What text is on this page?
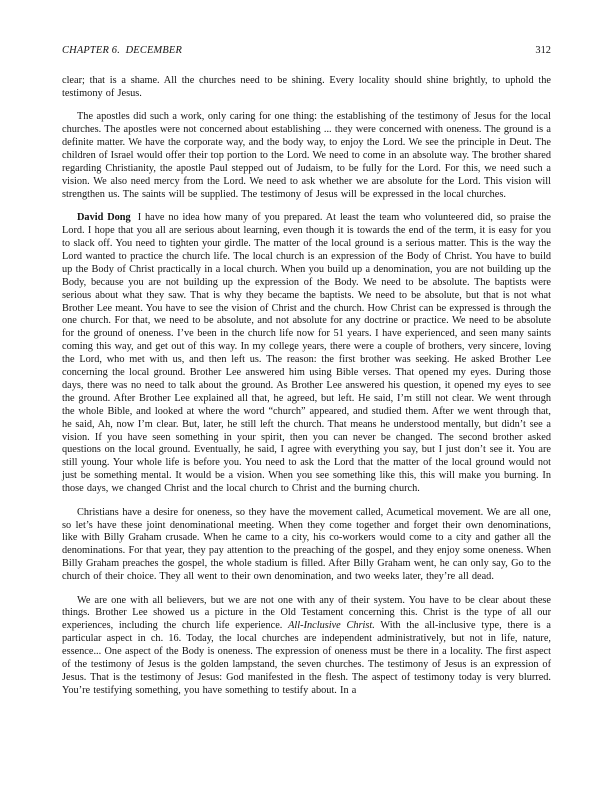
CHAPTER 6.  DECEMBER	312

clear; that is a shame. All the churches need to be shining. Every locality should shine brightly, to uphold the testimony of Jesus.

The apostles did such a work, only caring for one thing: the establishing of the testimony of Jesus for the local churches. The apostles were not concerned about establishing ... they were concerned with oneness. The ground is a definite matter. We have the corporate way, and the body way, to enjoy the Lord. We see the principle in Deut. The children of Israel would offer their top portion to the Lord. We need to come in an absolute way. The brother shared regarding Christianity, the apostle Paul stepped out of Judaism, to be fully for the Lord. For this, we need such a vision. We also need mercy from the Lord. We need to ask whether we are absolute for the Lord. This vision will strengthen us. The saints will be supplied. The testimony of Jesus will be expressed in the local churches.

David Dong I have no idea how many of you prepared. At least the team who volunteered did, so praise the Lord. I hope that you all are serious about learning, even though it is towards the end of the term, it is easy for you to slack off. You need to tighten your girdle. The matter of the local ground is a serious matter. This is the way the Lord wanted to practice the church life. The local church is an expression of the Body of Christ. You have to build up the Body of Christ practically in a local church. When you build up a denomination, you are not building up the Body, because you are not building up the expression of the Body. We need to be absolute. The baptists were serious about what they saw. That is why they became the baptists. We need to be absolute, but that is not what Brother Lee meant. You have to see the vision of Christ and the church. How Christ can be expressed is through the one church. For that, we need to be absolute, and not absolute for any doctrine or practice. We need to be absolute for the ground of oneness. I’ve been in the church life now for 51 years. I have experienced, and seen many saints coming this way, and get out of this way. In my college years, there were a couple of brothers, very sincere, loving the Lord, who met with us, and then left us. The reason: the first brother was seeking. He asked Brother Lee concerning the local ground. Brother Lee answered him using Bible verses. That opened my eyes. During those days, there was no need to talk about the ground. As Brother Lee answered his question, it opened my eyes to see the ground. After Brother Lee explained all that, he agreed, but left. He said, I’m still not clear. We went through the whole Bible, and looked at where the word “church” appeared, and studied them. After we went through that, he said, Ah, now I’m clear. But, later, he still left the church. That means he understood mentally, but didn’t see a vision. If you have seen something in your spirit, then you can never be changed. The second brother asked questions on the local ground. Eventually, he said, I agree with everything you say, but I just don’t see it. You are still young. Your whole life is before you. You need to ask the Lord that the matter of the local ground would not just be something mental. It would be a vision. When you see something like this, this will make you burning. In those days, we changed Christ and the local church to Christ and the burning church.

Christians have a desire for oneness, so they have the movement called, Acumetical movement. We are all one, so let’s have these joint denominational meeting. When they come together and forget their own denominations, like with Billy Graham crusade. When he came to a city, his co-workers would come to a city and gather all the denominations. For that year, they pay attention to the preaching of the gospel, and they enjoy some oneness. When Billy Graham preaches the gospel, the whole stadium is filled. After Billy Graham went, he can only say, Go to the church of their choice. They all went to their own denomination, and two weeks later, they’re all dead.

We are one with all believers, but we are not one with any of their system. You have to be clear about these things. Brother Lee showed us a picture in the Old Testament concerning this. Christ is the type of all our experiences, including the church life experience. All-Inclusive Christ. With the all-inclusive type, there is a particular aspect in ch. 16. Today, the local churches are independent administratively, but not in life, nature, essence... One aspect of the Body is oneness. The expression of oneness must be there in a locality. The first aspect of the testimony of Jesus is the golden lampstand, the seven churches. The testimony of Jesus is an expression of Jesus. That is the testimony of Jesus: God manifested in the flesh. The aspect of testimony today is very blurred. You’re testifying something, you have something to testify about. In a
